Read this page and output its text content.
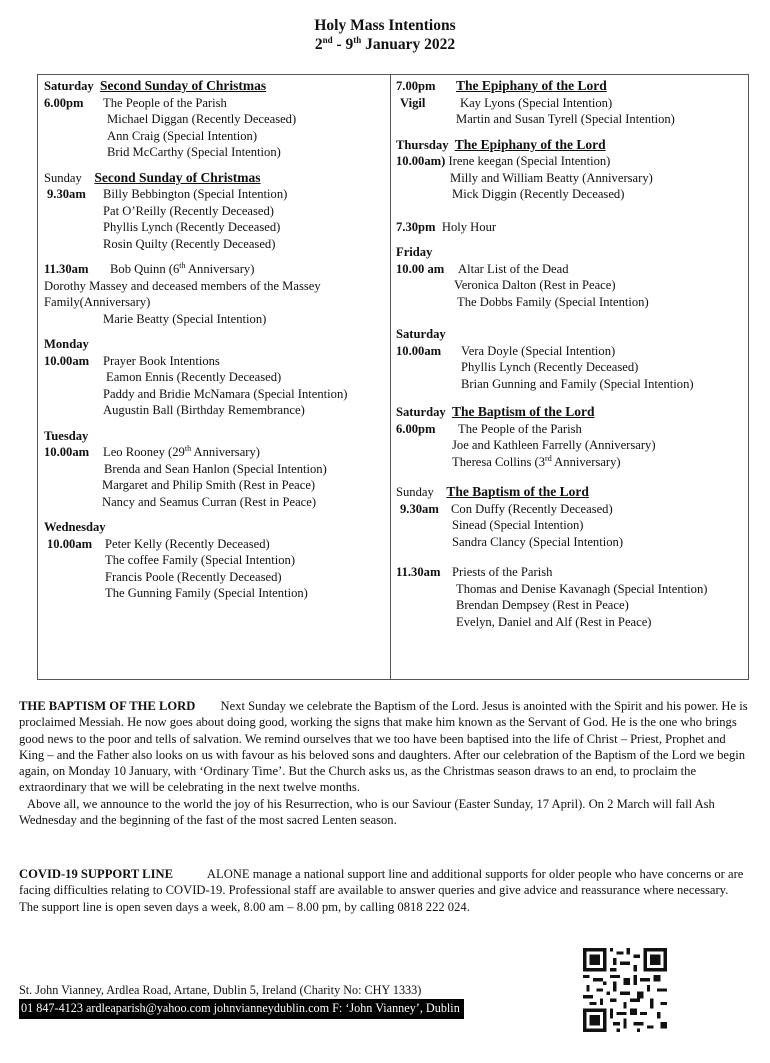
Holy Mass Intentions
2nd - 9th January 2022
Saturday Second Sunday of Christmas
6.00pm The People of the Parish
Michael Diggan (Recently Deceased)
Ann Craig (Special Intention)
Brid McCarthy (Special Intention)
Sunday Second Sunday of Christmas
9.30am Billy Bebbington (Special Intention)
Pat O’Reilly (Recently Deceased)
Phyllis Lynch (Recently Deceased)
Rosin Quilty (Recently Deceased)
11.30am Bob Quinn (6th Anniversary)
Dorothy Massey and deceased members of the Massey
Family(Anniversary)
Marie Beatty (Special Intention)
Monday
10.00am Prayer Book Intentions
Eamon Ennis (Recently Deceased)
Paddy and Bridie McNamara (Special Intention)
Augustin Ball (Birthday Remembrance)
Tuesday
10.00am Leo Rooney (29th Anniversary)
Brenda and Sean Hanlon (Special Intention)
Margaret and Philip Smith (Rest in Peace)
Nancy and Seamus Curran (Rest in Peace)
Wednesday
10.00am Peter Kelly (Recently Deceased)
The coffee Family (Special Intention)
Francis Poole (Recently Deceased)
The Gunning Family (Special Intention)
7.00pm The Epiphany of the Lord
Vigil	Kay Lyons (Special Intention)
Martin and Susan Tyrell (Special Intention)
Thursday The Epiphany of the Lord
10.00am) Irene keegan (Special Intention)
Milly and William Beatty (Anniversary)
Mick Diggin (Recently Deceased)
7.30pm Holy Hour
Friday
10.00 am Altar List of the Dead
Veronica Dalton (Rest in Peace)
The Dobbs Family (Special Intention)
Saturday
10.00am Vera Doyle (Special Intention)
Phyllis Lynch (Recently Deceased)
Brian Gunning and Family (Special Intention)
Saturday The Baptism of the Lord
6.00pm The People of the Parish
Joe and Kathleen Farrelly (Anniversary)
Theresa Collins (3rd Anniversary)
Sunday The Baptism of the Lord
9.30am Con Duffy (Recently Deceased)
Sinead (Special Intention)
Sandra Clancy (Special Intention)
11.30am Priests of the Parish
Thomas and Denise Kavanagh (Special Intention)
Brendan Dempsey (Rest in Peace)
Evelyn, Daniel and Alf (Rest in Peace)

THE BAPTISM OF THE LORD Next Sunday we celebrate the Baptism of the Lord. Jesus is anointed with the Spirit and his power. He is proclaimed Messiah. He now goes about doing good, working the signs that make him known as the Servant of God. He is the one who brings good news to the poor and tells of salvation. We remind ourselves that we too have been baptised into the life of Christ – Priest, Prophet and King – and the Father also looks on us with favour as his beloved sons and daughters. After our celebration of the Baptism of the Lord we begin again, on Monday 10 January, with ‘Ordinary Time’. But the Church asks us, as the Christmas season draws to an end, to proclaim the extraordinary that we will be celebrating in the next twelve months.

Above all, we announce to the world the joy of his Resurrection, who is our Saviour (Easter Sunday, 17 April). On 2 March will fall Ash Wednesday and the beginning of the fast of the most sacred Lenten season.

COVID-19 SUPPORT LINE	ALONE manage a national support line and additional supports for older people who have concerns or are facing difficulties relating to COVID-19. Professional staff are available to answer queries and give advice and reassurance where necessary. The support line is open seven days a week, 8.00 am – 8.00 pm, by calling 0818 222 024.

St. John Vianney, Ardlea Road, Artane, Dublin 5, Ireland (Charity No: CHY 1333)
01 847-4123 ardleaparish@yahoo.com johnvianneydublin.com F: ‘John Vianney’, Dublin
